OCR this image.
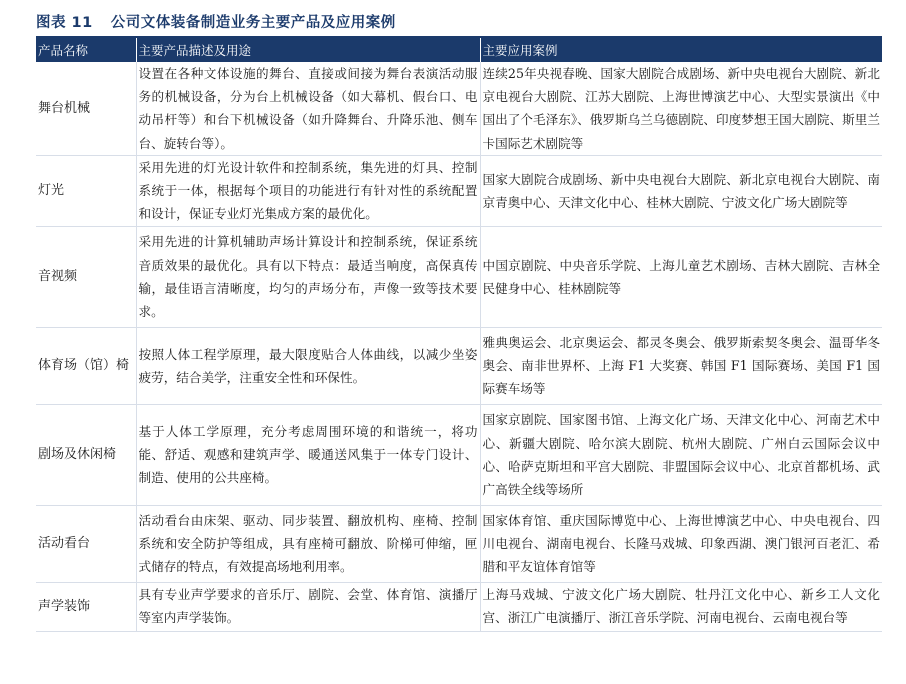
图表 11 公司文体装备制造业务主要产品及应用案例
产品名称	主要产品描述及用途	主要应用案例
舞台机械	设置在各种文体设施的舞台、直接或间接为舞台表演活动服务的机械设备，分为台上机械设备（如大幕机、假台口、电动吊杆等）和台下机械设备（如升降舞台、升降乐池、侧车台、旋转台等）。	连续25年央视春晚、国家大剧院合成剧场、新中央电视台大剧院、新北京电视台大剧院、江苏大剧院、上海世博演艺中心、大型实景演出《中国出了个毛泽东》、俄罗斯乌兰乌德剧院、印度梦想王国大剧院、斯里兰卡国际艺术剧院等
灯光	采用先进的灯光设计软件和控制系统，集先进的灯具、控制系统于一体，根据每个项目的功能进行有针对性的系统配置和设计，保证专业灯光集成方案的最优化。	国家大剧院合成剧场、新中央电视台大剧院、新北京电视台大剧院、南京青奥中心、天津文化中心、桂林大剧院、宁波文化广场大剧院等
音视频	采用先进的计算机辅助声场计算设计和控制系统，保证系统音质效果的最优化。具有以下特点：最适当响度，高保真传输，最佳语言清晰度，均匀的声场分布，声像一致等技术要求。	中国京剧院、中央音乐学院、上海儿童艺术剧场、吉林大剧院、吉林全民健身中心、桂林剧院等
体育场（馆）椅	按照人体工程学原理，最大限度贴合人体曲线，以减少坐姿疲劳，结合美学，注重安全性和环保性。	雅典奥运会、北京奥运会、都灵冬奥会、俄罗斯索契冬奥会、温哥华冬奥会、南非世界杯、上海 F1 大奖赛、韩国 F1 国际赛场、美国 F1 国际赛车场等
剧场及休闲椅	基于人体工学原理，充分考虑周围环境的和谐统一，将功能、舒适、观感和建筑声学、暖通送风集于一体专门设计、制造、使用的公共座椅。	国家京剧院、国家图书馆、上海文化广场、天津文化中心、河南艺术中心、新疆大剧院、哈尔滨大剧院、杭州大剧院、广州白云国际会议中心、哈萨克斯坦和平宫大剧院、非盟国际会议中心、北京首都机场、武广高铁全线等场所
活动看台	活动看台由床架、驱动、同步装置、翻放机构、座椅、控制系统和安全防护等组成，具有座椅可翻放、阶梯可伸缩，匣式储存的特点，有效提高场地利用率。	国家体育馆、重庆国际博览中心、上海世博演艺中心、中央电视台、四川电视台、湖南电视台、长隆马戏城、印象西湖、澳门银河百老汇、希腊和平友谊体育馆等
声学装饰	具有专业声学要求的音乐厅、剧院、会堂、体育馆、演播厅等室内声学装饰。	上海马戏城、宁波文化广场大剧院、牡丹江文化中心、新乡工人文化宫、浙江广电演播厅、浙江音乐学院、河南电视台、云南电视台等
